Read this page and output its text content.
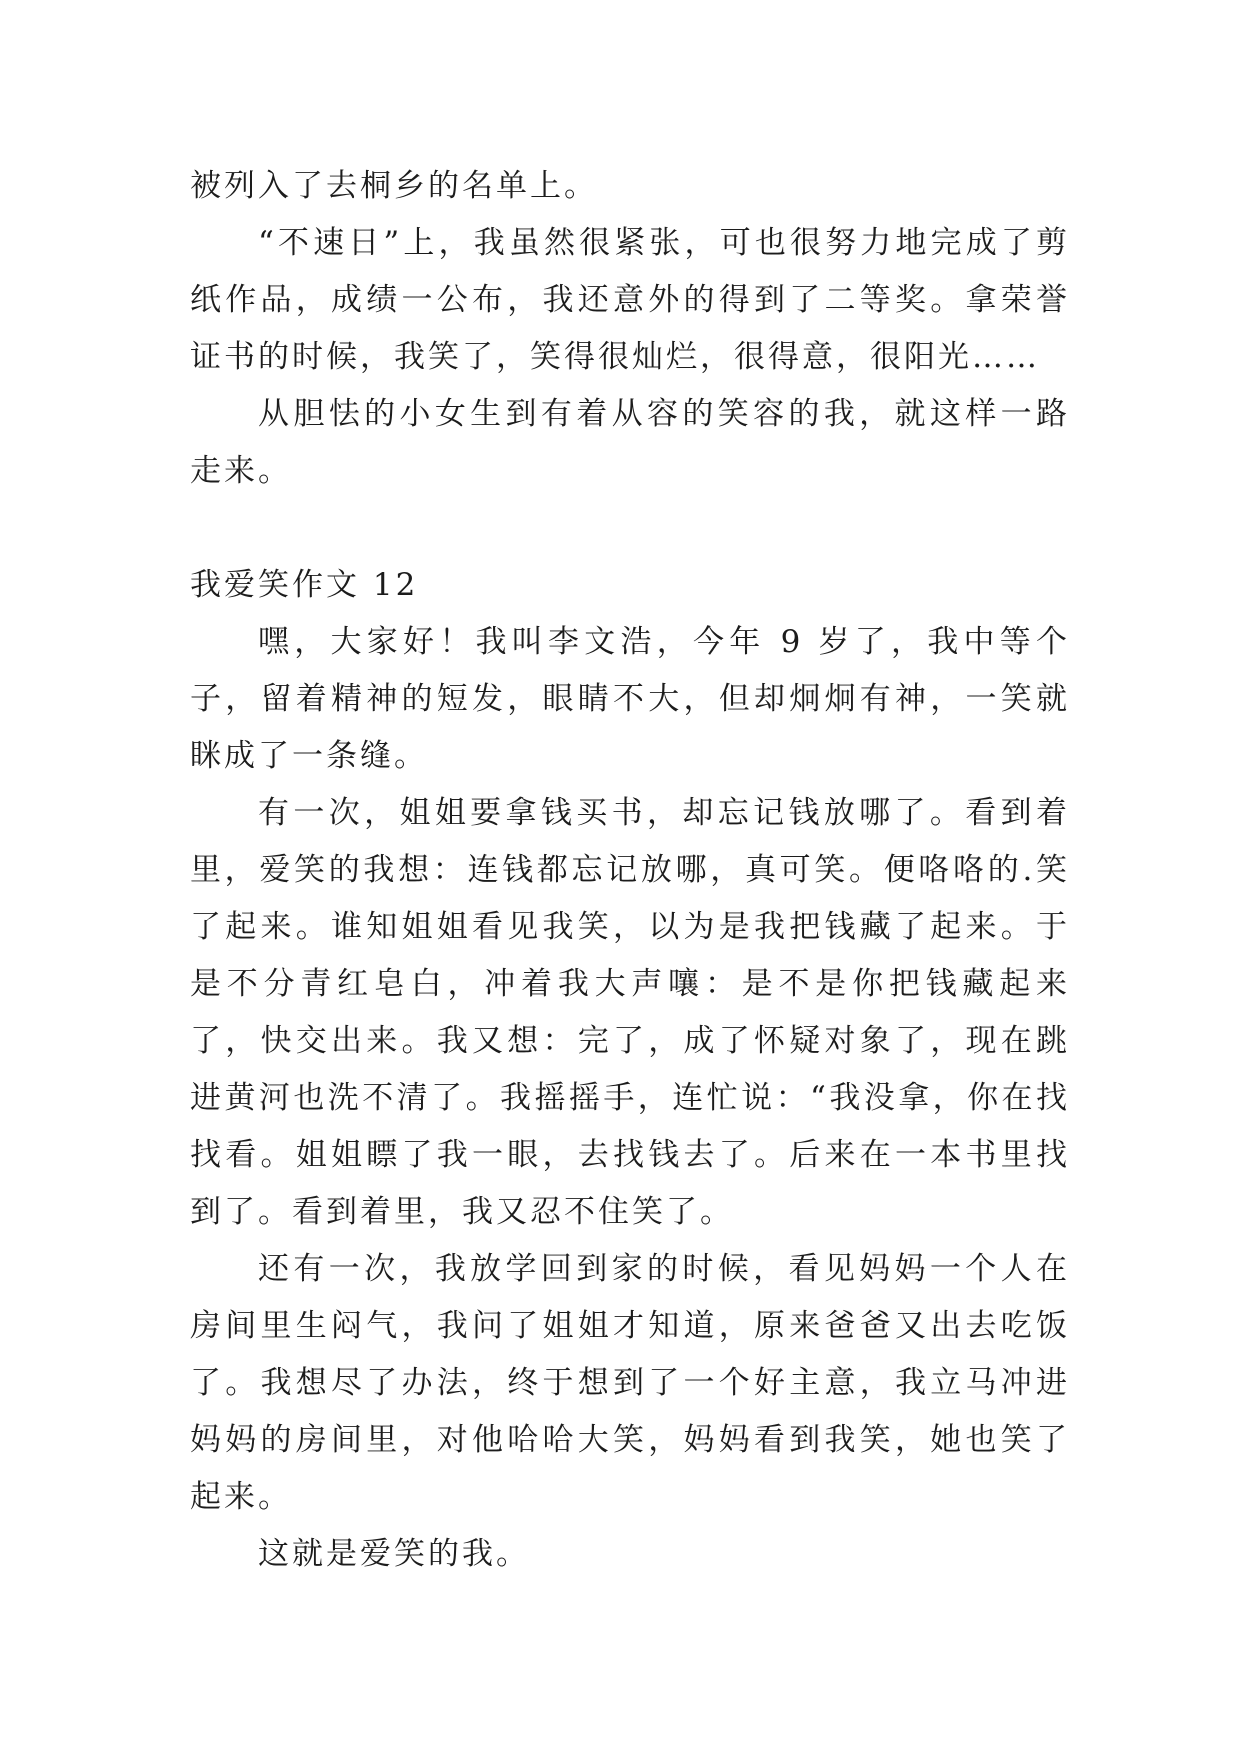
被列入了去桐乡的名单上。

“不速日”上，我虽然很紧张，可也很努力地完成了剪纸作品，成绩一公布，我还意外的得到了二等奖。拿荣誉证书的时候，我笑了，笑得很灿烂，很得意，很阳光……

从胆怯的小女生到有着从容的笑容的我，就这样一路走来。

我爱笑作文 12

嘿，大家好！我叫李文浩，今年 9 岁了，我中等个子，留着精神的短发，眼睛不大，但却炯炯有神，一笑就眯成了一条缝。

有一次，姐姐要拿钱买书，却忘记钱放哪了。看到着里，爱笑的我想：连钱都忘记放哪，真可笑。便咯咯的.笑了起来。谁知姐姐看见我笑，以为是我把钱藏了起来。于是不分青红皂白，冲着我大声嚷：是不是你把钱藏起来了，快交出来。我又想：完了，成了怀疑对象了，现在跳进黄河也洗不清了。我摇摇手，连忙说：“我没拿，你在找找看。姐姐瞟了我一眼，去找钱去了。后来在一本书里找到了。看到着里，我又忍不住笑了。

还有一次，我放学回到家的时候，看见妈妈一个人在房间里生闷气，我问了姐姐才知道，原来爸爸又出去吃饭了。我想尽了办法，终于想到了一个好主意，我立马冲进妈妈的房间里，对他哈哈大笑，妈妈看到我笑，她也笑了起来。

这就是爱笑的我。
